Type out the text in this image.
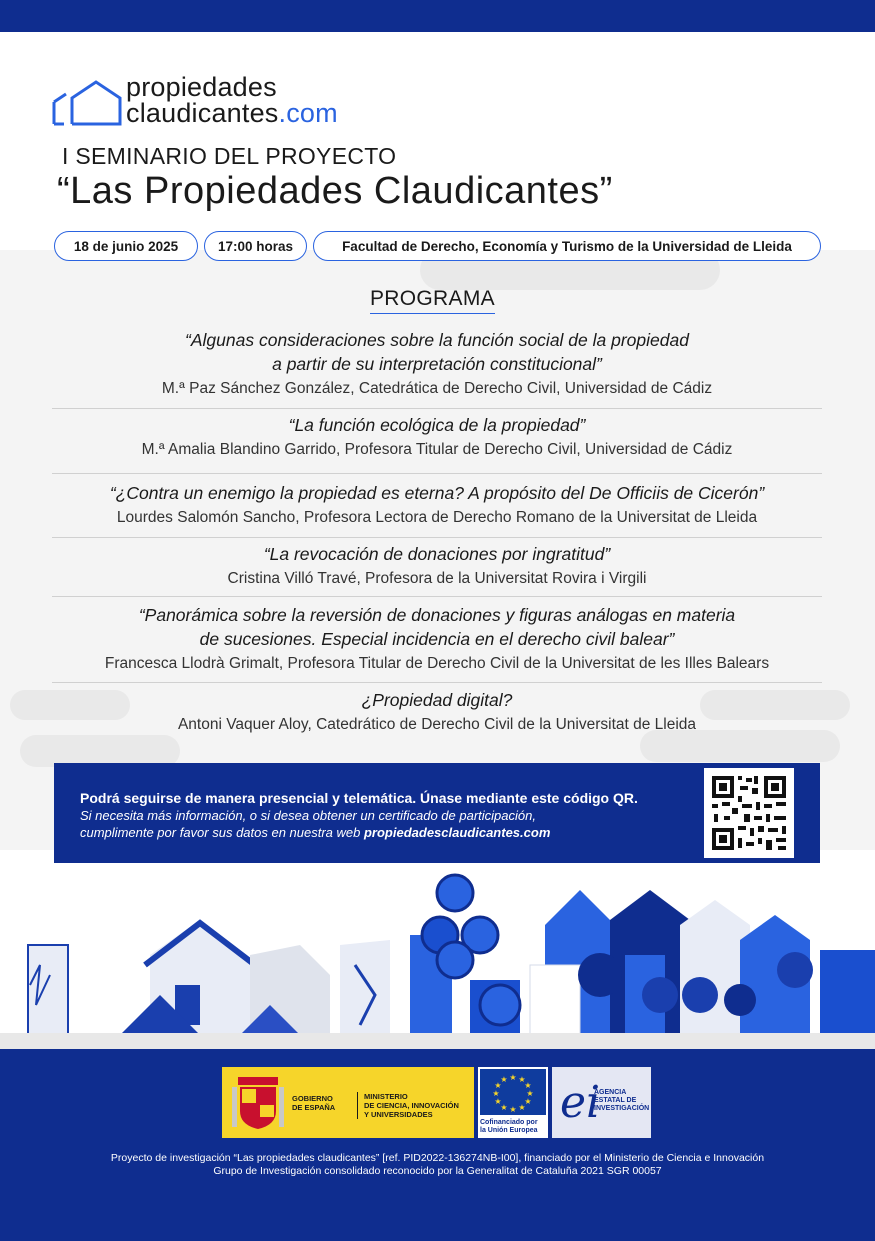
propiedades
claudicantes.com
I SEMINARIO DEL PROYECTO
“Las Propiedades Claudicantes”
18 de junio 2025	17:00 horas	Facultad de Derecho, Economía y Turismo de la Universidad de Lleida
PROGRAMA
“Algunas consideraciones sobre la función social de la propiedad
a partir de su interpretación constitucional”
M.ª Paz Sánchez González, Catedrática de Derecho Civil, Universidad de Cádiz
“La función ecológica de la propiedad”
M.ª Amalia Blandino Garrido, Profesora Titular de Derecho Civil, Universidad de Cádiz
“¿Contra un enemigo la propiedad es eterna? A propósito del De Officiis de Cicerón”
Lourdes Salomón Sancho, Profesora Lectora de Derecho Romano de la Universitat de Lleida
“La revocación de donaciones por ingratitud”
Cristina Villó Travé, Profesora de la Universitat Rovira i Virgili
“Panorámica sobre la reversión de donaciones y figuras análogas en materia
de sucesiones. Especial incidencia en el derecho civil balear”
Francesca Llodrà Grimalt, Profesora Titular de Derecho Civil de la Universitat de les Illes Balears
¿Propiedad digital?
Antoni Vaquer Aloy, Catedrático de Derecho Civil de la Universitat de Lleida
Podrá seguirse de manera presencial y telemática. Únase mediante este código QR.
Si necesita más información, o si desea obtener un certificado de participación,
cumplimente por favor sus datos en nuestra web propiedadesclaudicantes.com
GOBIERNO
DE ESPAÑA
MINISTERIO
DE CIENCIA, INNOVACIÓN
Y UNIVERSIDADES
★ ★
★
★
★
★
★
★
★
★
★
★
Cofinanciado por
la Unión Europea
ei
AGENCIA
ESTATAL DE
INVESTIGACIÓN
Proyecto de investigación “Las propiedades claudicantes” [ref. PID2022-136274NB-I00], financiado por el Ministerio de Ciencia e Innovación
Grupo de Investigación consolidado reconocido por la Generalitat de Cataluña 2021 SGR 00057
